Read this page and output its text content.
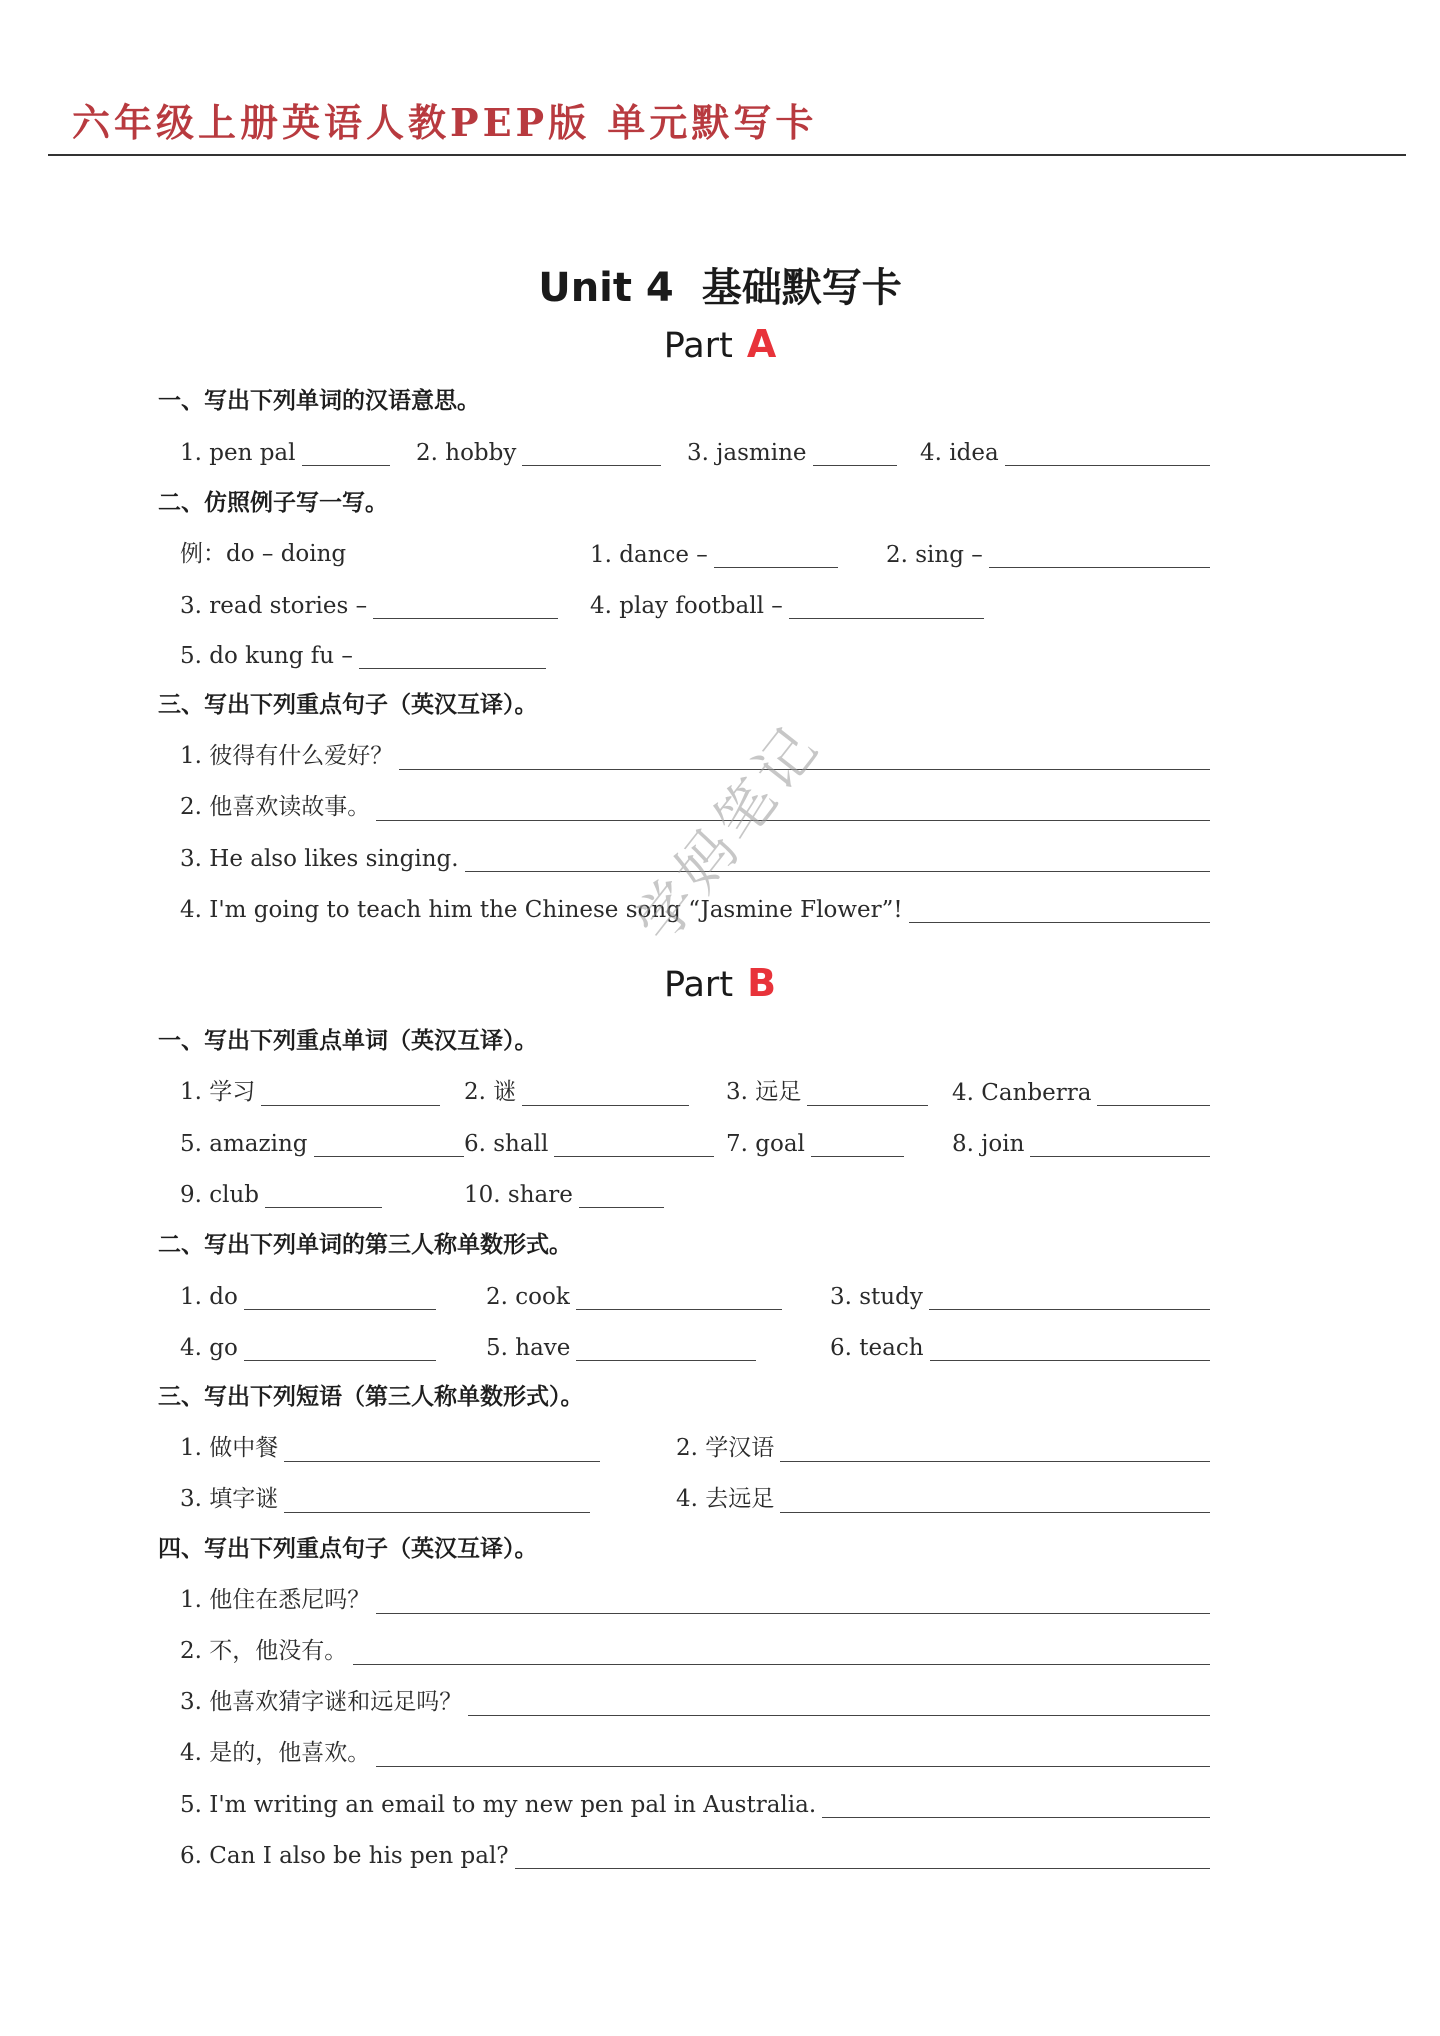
六年级上册英语人教PEP版 单元默写卡
Unit 4 基础默写卡
Part A
一、写出下列单词的汉语意思。
1. pen pal	2. hobby	3. jasmine	4. idea
二、仿照例子写一写。
例：do – doing	1. dance –	2. sing –
3. read stories –	4. play football –
5. do kung fu –
三、写出下列重点句子（英汉互译）。
1. 彼得有什么爱好？
2. 他喜欢读故事。
3. He also likes singing.
4. I'm going to teach him the Chinese song “Jasmine Flower”!
Part B
一、写出下列重点单词（英汉互译）。
1. 学习	2. 谜	3. 远足	4. Canberra
5. amazing	6. shall	7. goal	8. join
9. club	10. share
二、写出下列单词的第三人称单数形式。
1. do	2. cook	3. study
4. go	5. have	6. teach
三、写出下列短语（第三人称单数形式）。
1. 做中餐	2. 学汉语
3. 填字谜	4. 去远足
四、写出下列重点句子（英汉互译）。
1. 他住在悉尼吗？
2. 不，他没有。
3. 他喜欢猜字谜和远足吗？
4. 是的，他喜欢。
5. I'm writing an email to my new pen pal in Australia.
6. Can I also be his pen pal?
学妈笔记
